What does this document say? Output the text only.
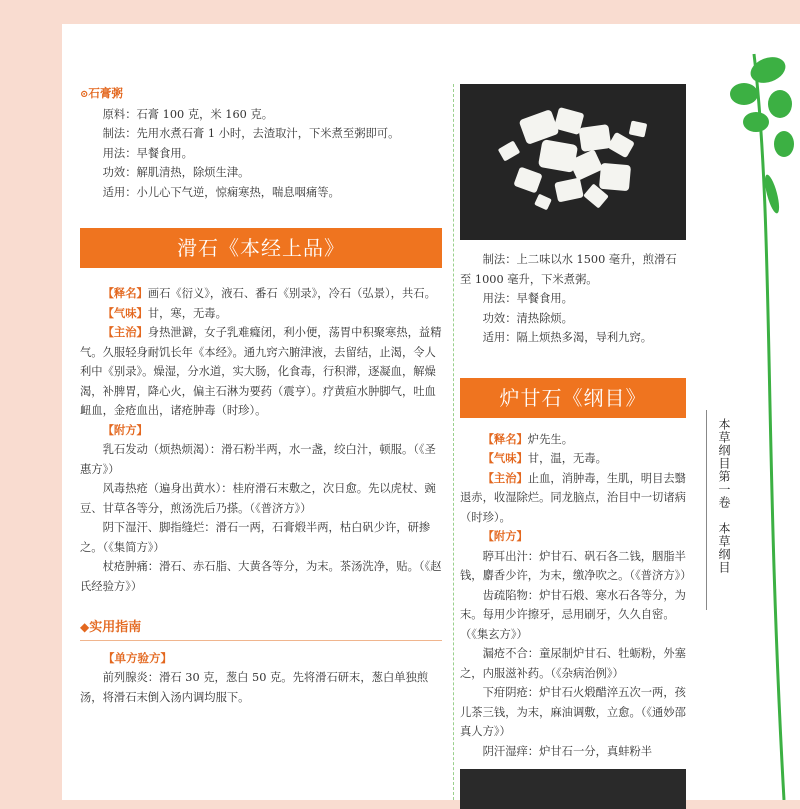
⊙石膏粥

原料：石膏 100 克，米 160 克。

制法：先用水煮石膏 1 小时，去渣取汁，下米煮至粥即可。

用法：早餐食用。

功效：解肌清热，除烦生津。

适用：小儿心下气逆，惊痫寒热，喘息咽痛等。

滑石《本经上品》

【释名】画石《衍义》，液石、番石《别录》，冷石（弘景），共石。

【气味】甘，寒，无毒。

【主治】身热泄澼，女子乳难癃闭，利小便，荡胃中积聚寒热，益精气。久服轻身耐饥长年《本经》。通九窍六腑津液，去留结，止渴，令人利中《别录》。燥湿，分水道，实大肠，化食毒，行积滞，逐凝血，解燥渴，补脾胃，降心火，偏主石淋为要药（震亨）。疗黄疸水肿脚气，吐血衄血，金疮血出，诸疮肿毒（时珍）。

【附方】

乳石发动（烦热烦渴）：滑石粉半两，水一盏，绞白汁，顿服。（《圣惠方》）

风毒热疮（遍身出黄水）：桂府滑石末敷之，次日愈。先以虎杖、豌豆、甘草各等分，煎汤洗后乃搽。（《普济方》）

阴下湿汗、脚指缝烂：滑石一两，石膏煅半两，枯白矾少许，研掺之。（《集简方》）

杖疮肿痛：滑石、赤石脂、大黄各等分，为末。茶汤洗净，贴。（《赵氏经验方》）

◆实用指南

【单方验方】

前列腺炎：滑石 30 克，葱白 50 克。先将滑石研末，葱白单独煎汤，将滑石末倒入汤内调均服下。

制法：上二味以水 1500 毫升，煎滑石至 1000 毫升，下米煮粥。

用法：早餐食用。

功效：清热除烦。

适用：隔上烦热多渴，导利九窍。

炉甘石《纲目》

【释名】炉先生。

【气味】甘，温，无毒。

【主治】止血，消肿毒，生肌，明目去翳退赤，收湿除烂。同龙脑点，治目中一切诸病（时珍）。

【附方】

聤耳出汁：炉甘石、矾石各二钱，胭脂半钱，麝香少许，为末，缴净吹之。（《普济方》）

齿疏陷物：炉甘石煅、寒水石各等分，为末。每用少许擦牙，忌用刷牙，久久自密。（《集玄方》）

漏疮不合：童尿制炉甘石、牡蛎粉，外塞之，内服滋补药。（《杂病治例》）

下疳阴疮：炉甘石火煅醋淬五次一两，孩儿茶三钱，为末，麻油调敷，立愈。（《通妙邵真人方》）

阴汗湿痒：炉甘石一分，真蚌粉半

本草纲目第一卷　本草纲目
